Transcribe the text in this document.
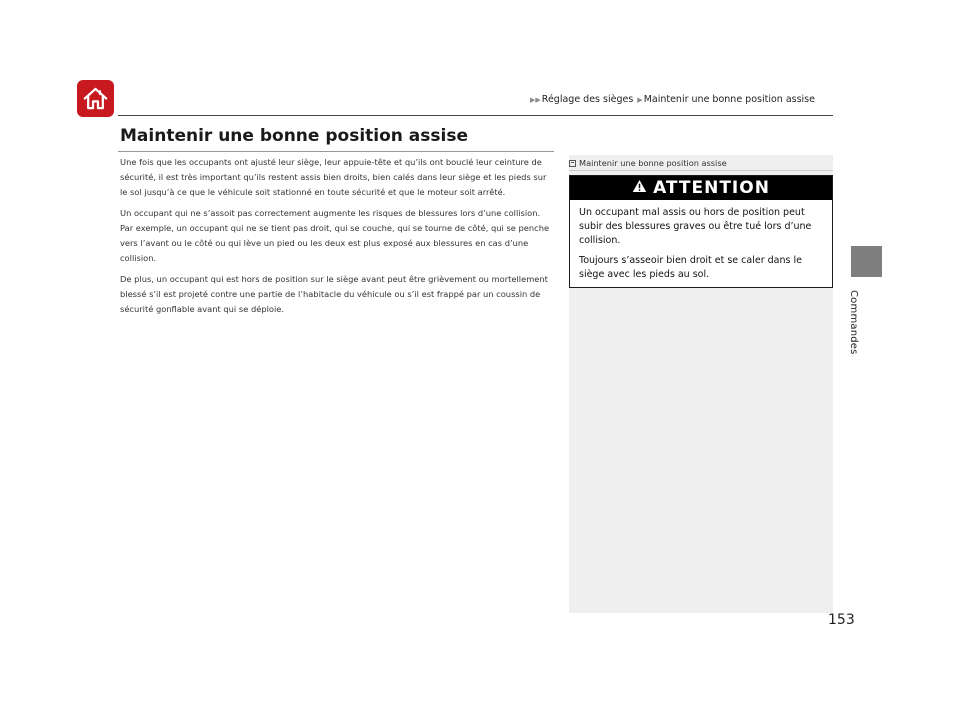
▶▶ Réglage des sièges ▶ Maintenir une bonne position assise
Commandes
Maintenir une bonne position assise

Une fois que les occupants ont ajusté leur siège, leur appuie-tête et qu’ils ont bouclé leur ceinture de sécurité, il est très important qu’ils restent assis bien droits, bien calés dans leur siège et les pieds sur le sol jusqu’à ce que le véhicule soit stationné en toute sécurité et que le moteur soit arrêté.

Un occupant qui ne s’assoit pas correctement augmente les risques de blessures lors d’une collision. Par exemple, un occupant qui ne se tient pas droit, qui se couche, qui se tourne de côté, qui se penche vers l’avant ou le côté ou qui lève un pied ou les deux est plus exposé aux blessures en cas d’une collision.

De plus, un occupant qui est hors de position sur le siège avant peut être grièvement ou mortellement blessé s’il est projeté contre une partie de l’habitacle du véhicule ou s’il est frappé par un coussin de sécurité gonflable avant qui se déploie.

Maintenir une bonne position assise
ATTENTION

Un occupant mal assis ou hors de position peut subir des blessures graves ou être tué lors d’une collision.

Toujours s’asseoir bien droit et se caler dans le siège avec les pieds au sol.

153
